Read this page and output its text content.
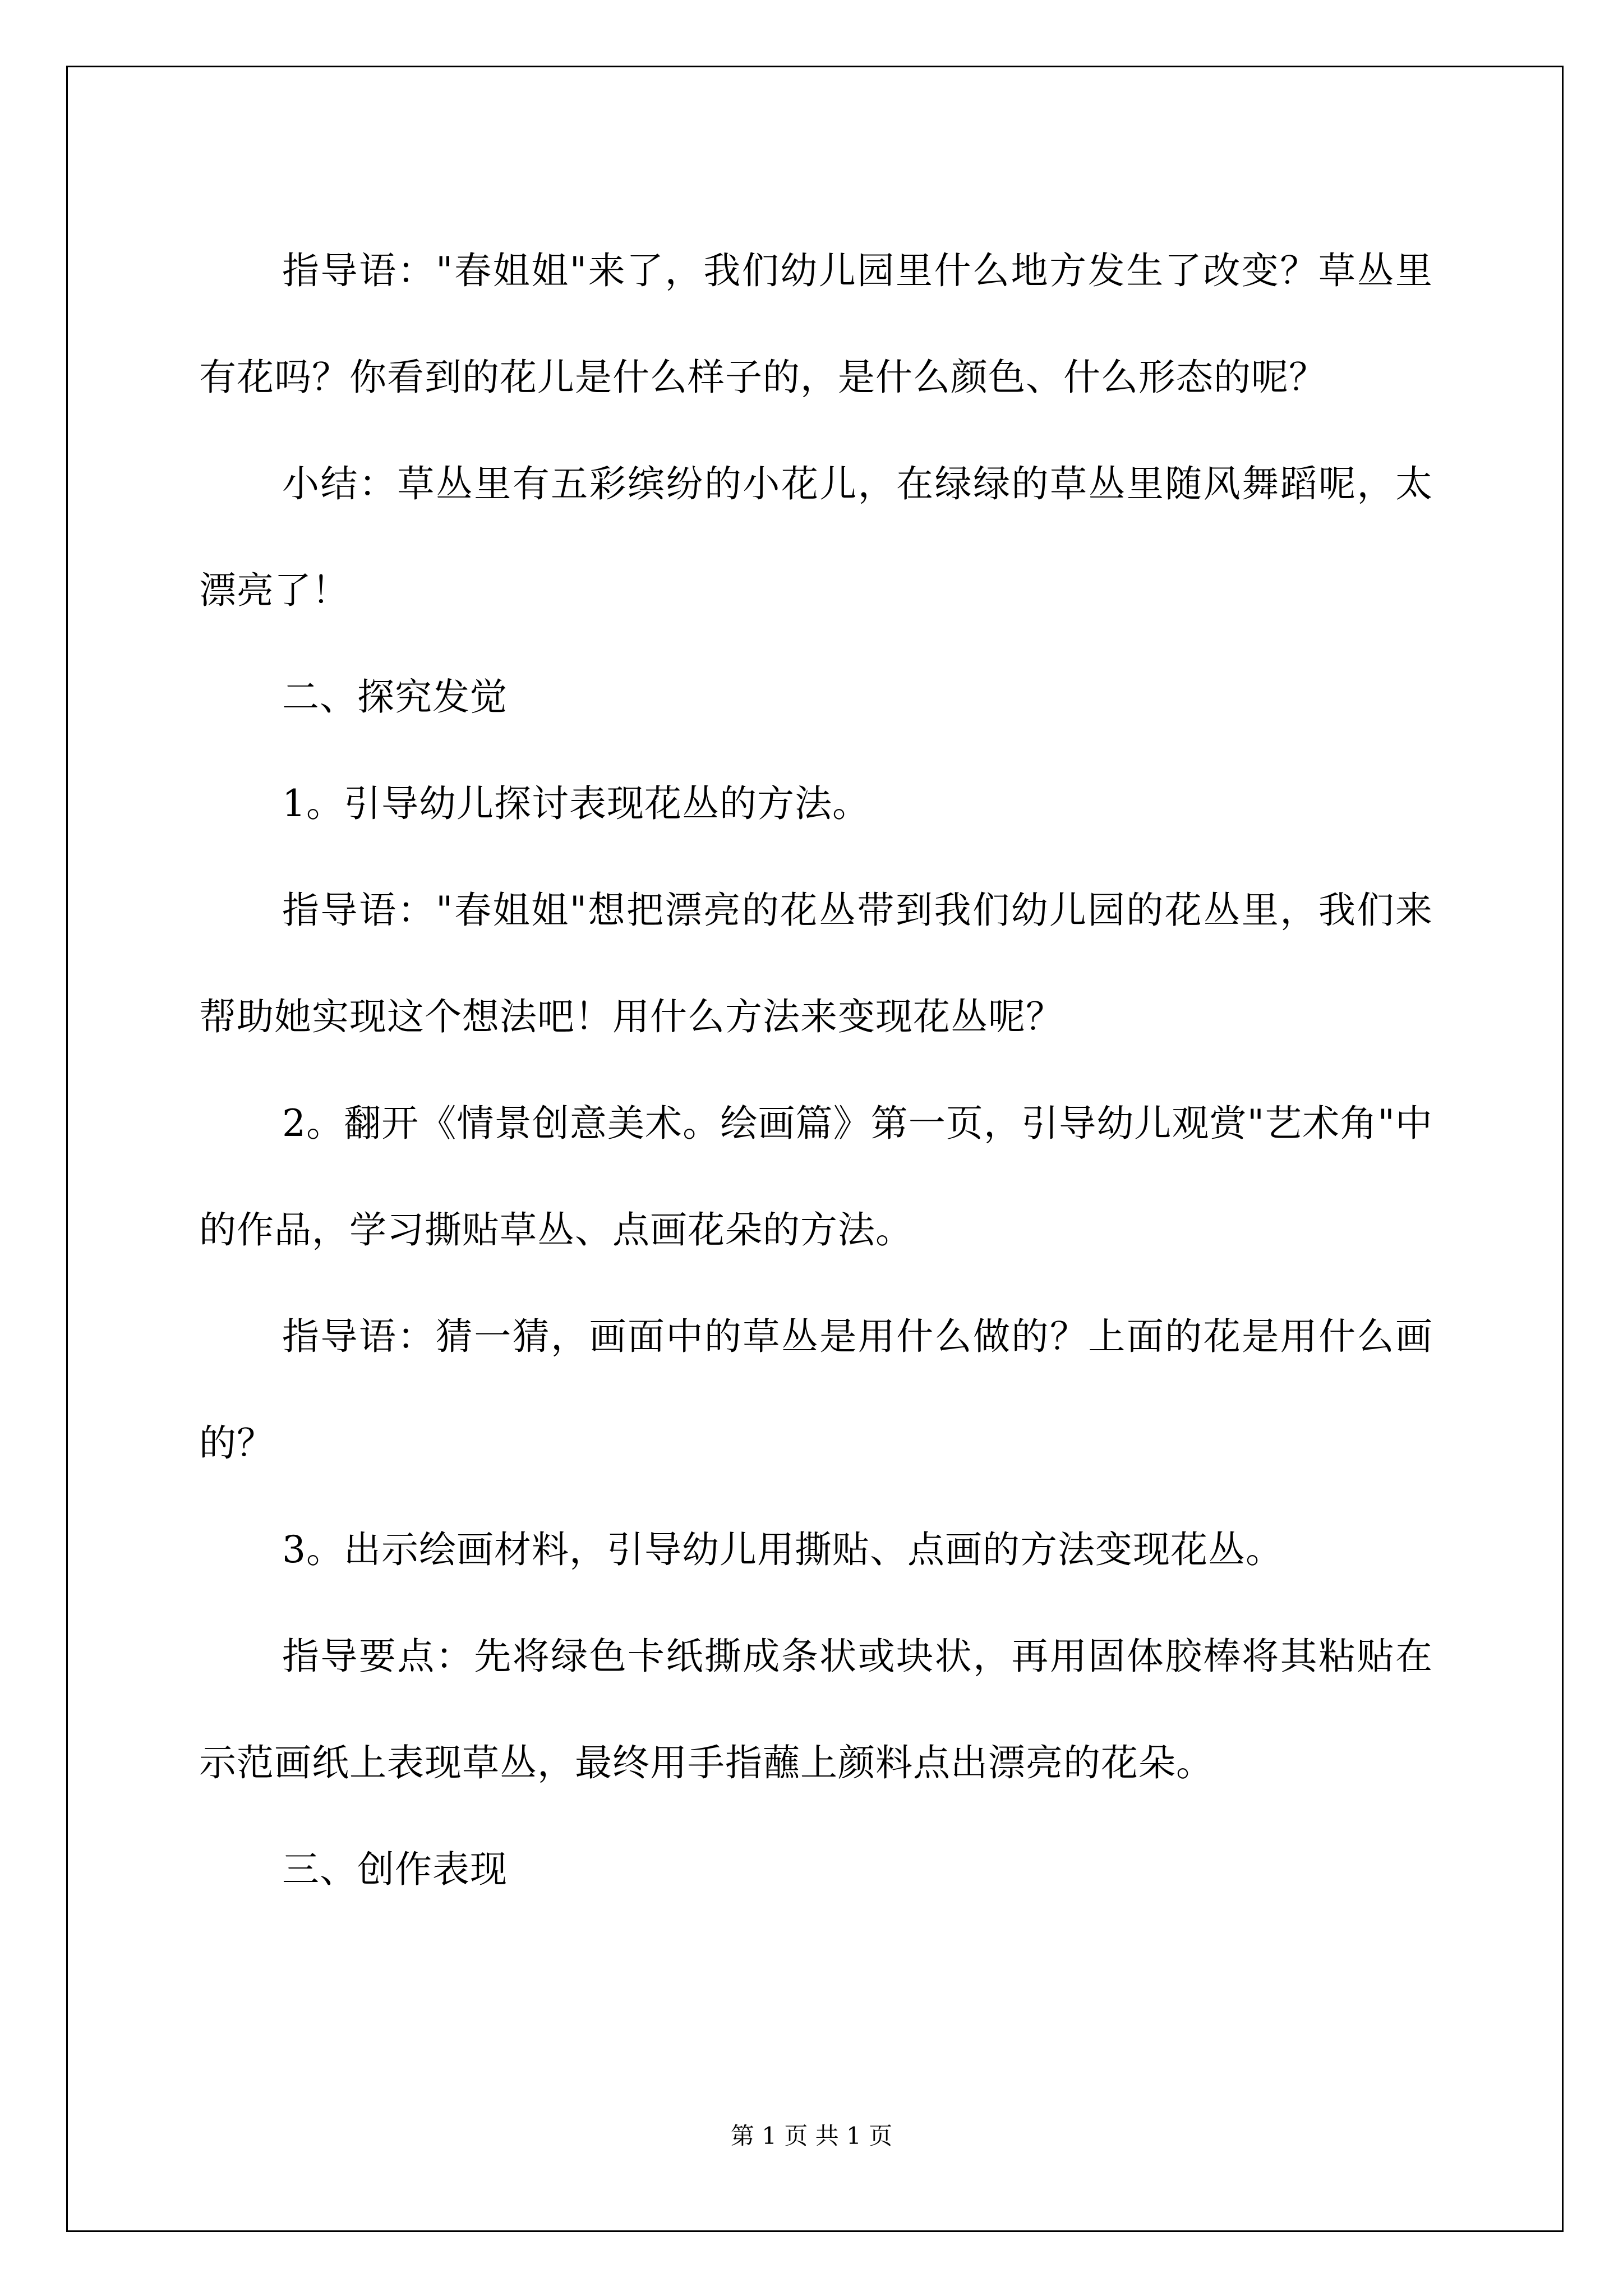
指导语："春姐姐"来了，我们幼儿园里什么地方发生了改变？草丛里有花吗？你看到的花儿是什么样子的，是什么颜色、什么形态的呢？

小结：草丛里有五彩缤纷的小花儿，在绿绿的草丛里随风舞蹈呢，太漂亮了！

二、探究发觉

1。引导幼儿探讨表现花丛的方法。

指导语："春姐姐"想把漂亮的花丛带到我们幼儿园的花丛里，我们来帮助她实现这个想法吧！用什么方法来变现花丛呢？

2。翻开《情景创意美术。绘画篇》第一页，引导幼儿观赏"艺术角"中的作品，学习撕贴草丛、点画花朵的方法。

指导语：猜一猜，画面中的草丛是用什么做的？上面的花是用什么画的？

3。出示绘画材料，引导幼儿用撕贴、点画的方法变现花丛。

指导要点：先将绿色卡纸撕成条状或块状，再用固体胶棒将其粘贴在示范画纸上表现草丛，最终用手指蘸上颜料点出漂亮的花朵。

三、创作表现

第 1 页 共 1 页
